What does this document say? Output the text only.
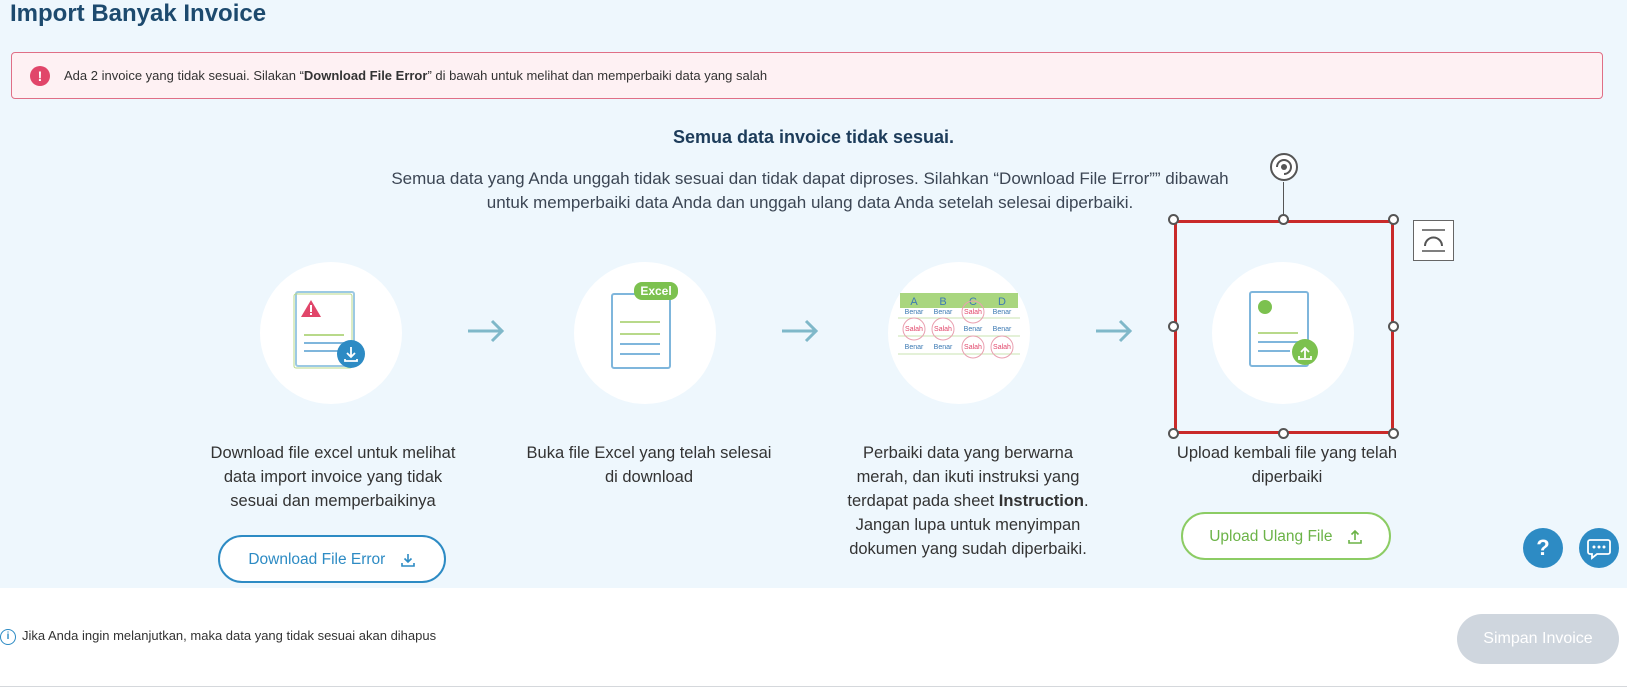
Import Banyak Invoice
!	Ada 2 invoice yang tidak sesuai. Silakan “Download File Error” di bawah untuk melihat dan memperbaiki data yang salah
Semua data invoice tidak sesuai.
Semua data yang Anda unggah tidak sesuai dan tidak dapat diproses. Silahkan “Download File Error”” dibawah untuk memperbaiki data Anda dan unggah ulang data Anda setelah selesai diperbaiki.
Excel
A B C D
Benar Benar Salah Benar
Salah Salah Benar Benar
Benar Benar Salah Salah
Download file excel untuk melihat data import invoice yang tidak sesuai dan memperbaikinya
Buka file Excel yang telah selesai di download
Perbaiki data yang berwarna merah, dan ikuti instruksi yang terdapat pada sheet Instruction. Jangan lupa untuk menyimpan dokumen yang sudah diperbaiki.
Upload kembali file yang telah diperbaiki
Download File Error
Upload Ulang File	?
i Jika Anda ingin melanjutkan, maka data yang tidak sesuai akan dihapus	Simpan Invoice
